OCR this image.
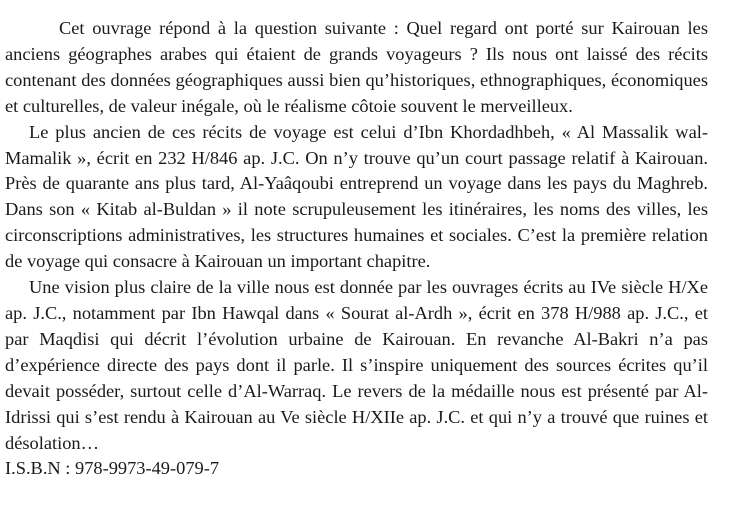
Cet ouvrage répond à la question suivante : Quel regard ont porté sur Kairouan les anciens géographes arabes qui étaient de grands voyageurs ? Ils nous ont laissé des récits contenant des données géographiques aussi bien qu’historiques, ethnographiques, économiques et culturelles, de valeur inégale, où le réalisme côtoie souvent le merveilleux.

Le plus ancien de ces récits de voyage est celui d’Ibn Khordadhbeh, « Al Massalik wal-Mamalik », écrit en 232 H/846 ap. J.C. On n’y trouve qu’un court passage relatif à Kairouan. Près de quarante ans plus tard, Al-Yaâqoubi entreprend un voyage dans les pays du Maghreb. Dans son « Kitab al-Buldan » il note scrupuleusement les itinéraires, les noms des villes, les circonscriptions administratives, les structures humaines et sociales. C’est la première relation de voyage qui consacre à Kairouan un important chapitre.

Une vision plus claire de la ville nous est donnée par les ouvrages écrits au IVe siècle H/Xe ap. J.C., notamment par Ibn Hawqal dans « Sourat al-Ardh », écrit en 378 H/988 ap. J.C., et par Maqdisi qui décrit l’évolution urbaine de Kairouan. En revanche Al-Bakri n’a pas d’expérience directe des pays dont il parle. Il s’inspire uniquement des sources écrites qu’il devait posséder, surtout celle d’Al-Warraq. Le revers de la médaille nous est présenté par Al-Idrissi qui s’est rendu à Kairouan au Ve siècle H/XIIe ap. J.C. et qui n’y a trouvé que ruines et désolation…

I.S.B.N : 978-9973-49-079-7
